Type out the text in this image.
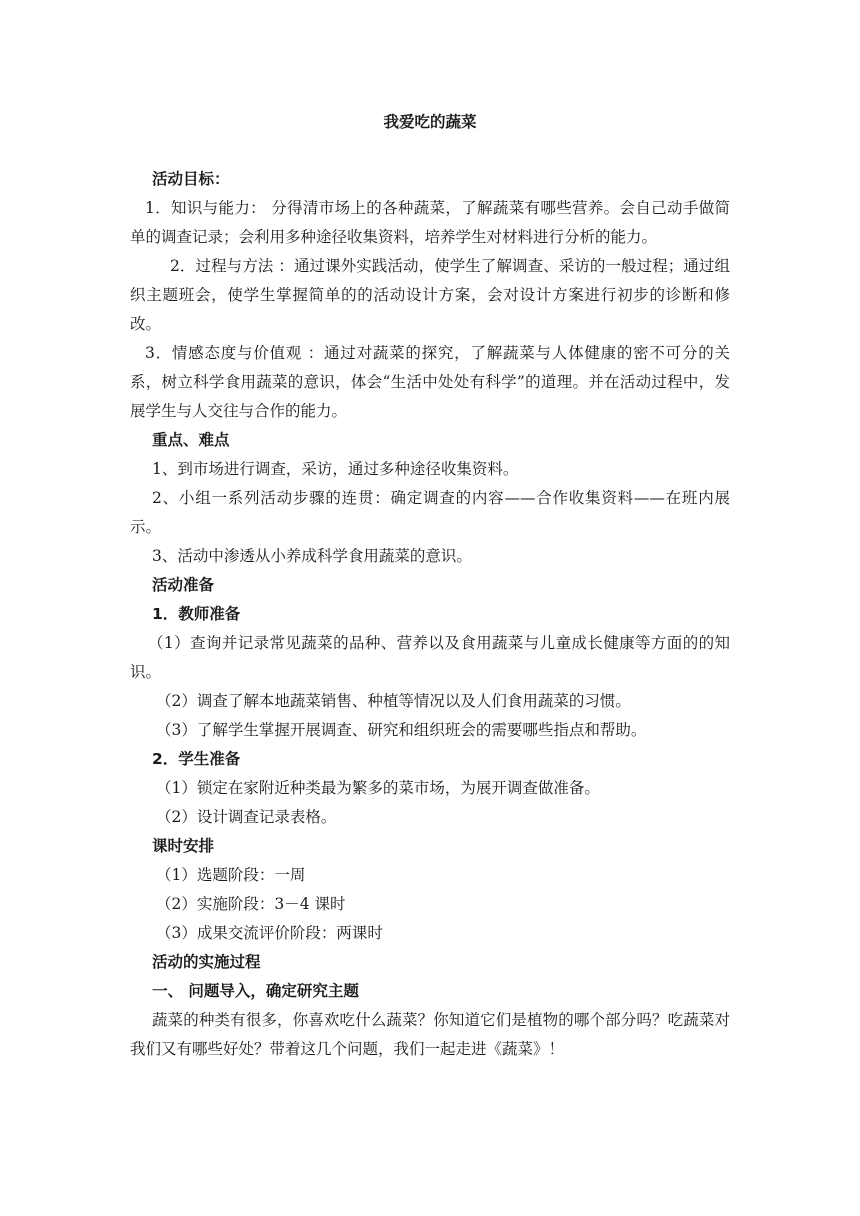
我爱吃的蔬菜

活动目标：

1．知识与能力： 分得清市场上的各种蔬菜，了解蔬菜有哪些营养。会自己动手做简单的调查记录；会利用多种途径收集资料，培养学生对材料进行分析的能力。

2．过程与方法 ：通过课外实践活动，使学生了解调查、采访的一般过程；通过组织主题班会，使学生掌握简单的的活动设计方案，会对设计方案进行初步的诊断和修改。

3．情感态度与价值观 ：通过对蔬菜的探究，了解蔬菜与人体健康的密不可分的关系，树立科学食用蔬菜的意识，体会“生活中处处有科学”的道理。并在活动过程中，发展学生与人交往与合作的能力。

重点、难点

1、到市场进行调查，采访，通过多种途径收集资料。

2、小组一系列活动步骤的连贯：确定调查的内容——合作收集资料——在班内展示。

3、活动中渗透从小养成科学食用蔬菜的意识。

活动准备

1．教师准备

（1）查询并记录常见蔬菜的品种、营养以及食用蔬菜与儿童成长健康等方面的的知识。

（2）调查了解本地蔬菜销售、种植等情况以及人们食用蔬菜的习惯。

（3）了解学生掌握开展调查、研究和组织班会的需要哪些指点和帮助。

2．学生准备

（1）锁定在家附近种类最为繁多的菜市场，为展开调查做准备。

（2）设计调查记录表格。

课时安排

（1）选题阶段：一周

（2）实施阶段：3－4 课时

（3）成果交流评价阶段：两课时

活动的实施过程

一、 问题导入，确定研究主题

蔬菜的种类有很多，你喜欢吃什么蔬菜？你知道它们是植物的哪个部分吗？吃蔬菜对我们又有哪些好处？带着这几个问题，我们一起走进《蔬菜》！
